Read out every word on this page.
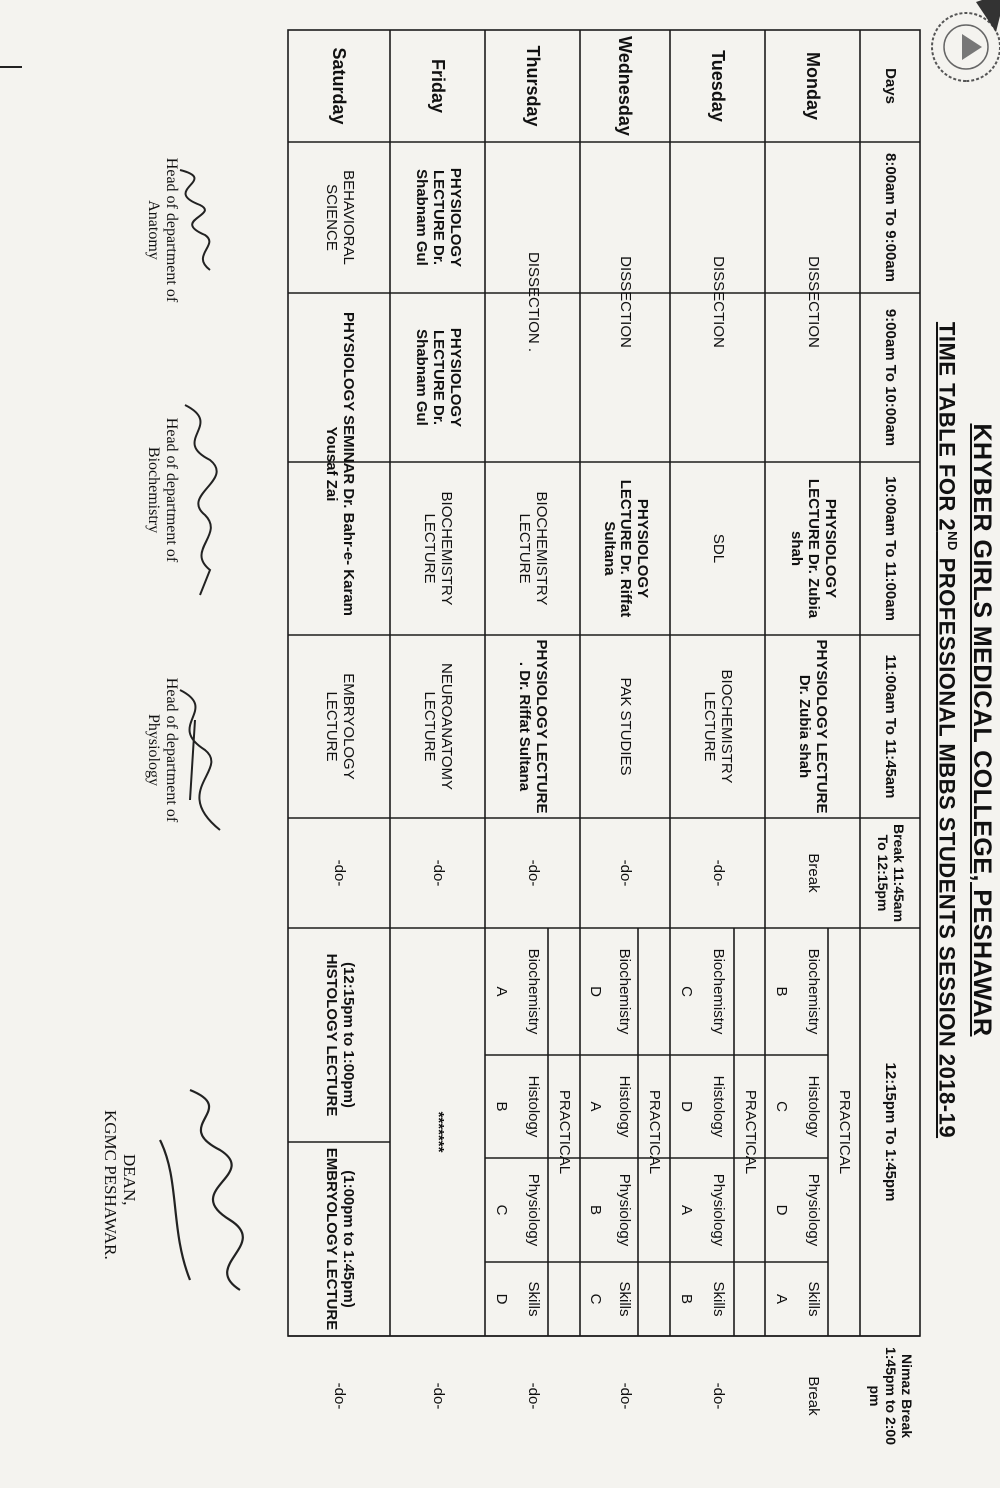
KHYBER GIRLS MEDICAL COLLEGE, PESHAWAR
TIME TABLE FOR 2ND PROFESSIONAL MBBS STUDENTS SESSION 2018-19
Days
8:00am To 9:00am
9:00am To 10:00am
10:00am To 11:00am
11:00am To 11:45am
Break 11:45am To 12:15pm
12:15pm To 1:45pm
Nimaz Break 1:45pm to 2:00 pm
Monday
Tuesday
Wednesday
Thursday
Friday
Saturday
DISSECTION
DISSECTION
DISSECTION
DISSECTION .
PHYSIOLOGY LECTURE Dr. Zubia shah
PHYSIOLOGY LECTURE Dr. Zubia shah
Break
Break
SDL
BIOCHEMISTRY LECTURE
-do-
-do-
PHYSIOLOGY LECTURE Dr. Riffat Sultana
PAK STUDIES
-do-
-do-
BIOCHEMISTRY LECTURE
PHYSIOLOGY LECTURE . Dr. Riffat Sultana
-do-
-do-
PHYSIOLOGY LECTURE Dr. Shabnam Gul
PHYSIOLOGY LECTURE Dr. Shabnam Gul
BIOCHEMISTRY LECTURE
NEUROANATOMY LECTURE
-do-
*******
-do-
BEHAVIORAL SCIENCE
PHYSIOLOGY SEMINAR Dr. Bahr-e- Karam Yousaf Zai
EMBRYOLOGY LECTURE
-do-
(12:15pm to 1:00pm) HISTOLOGY LECTURE
(1:00pm to 1:45pm) EMBRYOLOGY LECTURE
-do-
PRACTICAL
Biochemistry
Histology
Physiology
Skills
B
C
D
A
PRACTICAL
Biochemistry
Histology
Physiology
Skills
C
D
A
B
PRACTICAL
Biochemistry
Histology
Physiology
Skills
D
A
B
C
PRACTICAL
Biochemistry
Histology
Physiology
Skills
A
B
C
D
Head of department of Anatomy
Head of department of Biochemistry
Head of department of Physiology
DEAN,
KGMC PESHAWAR.
